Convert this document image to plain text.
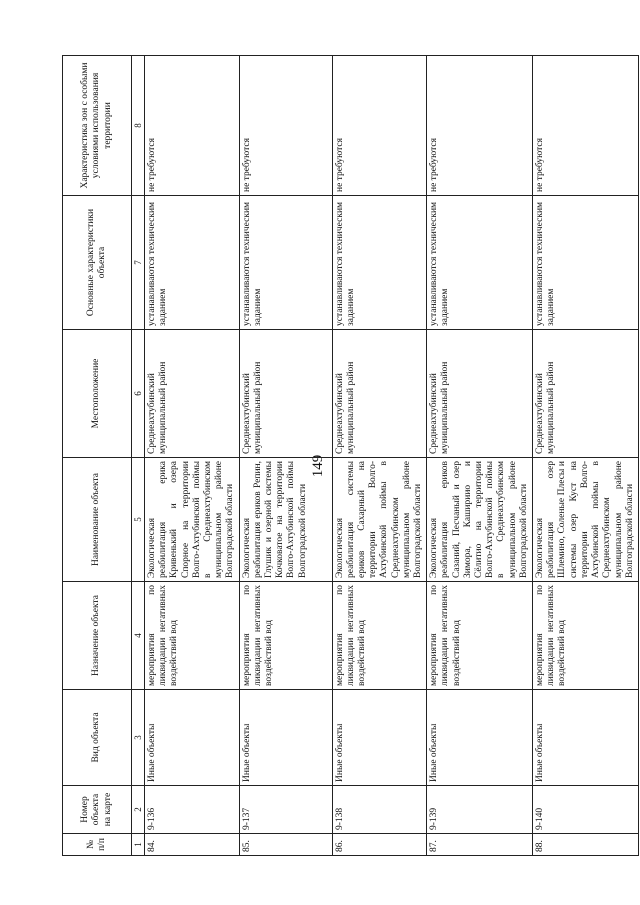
149
№ п/п	Номер объекта на карте	Вид объекта	Назначение объекта	Наименование объекта	Местоположение	Основные характеристики объекта	Характеристика зон с особыми условиями использования территории
1	2	3	4	5	6	7	8
84.	9-136	Иные объекты	мероприятия по ликвидации негативных воздействий вод	Экологическая реабилитация ерика Кривенький и озера Спорное на территории Волго-Ахтубинской поймы в Среднеахтубинском муниципальном районе Волгоградской области	Среднеахтубинский муниципальный район	устанавливаются техническим заданием	не требуются
85.	9-137	Иные объекты	мероприятия по ликвидации негативных воздействий вод	Экологическая реабилитация ериков Репин, Глушик и озерной системы Кочковатое на территории Волго-Ахтубинской поймы Волгоградской области	Среднеахтубинский муниципальный район	устанавливаются техническим заданием	не требуются
86.	9-138	Иные объекты	мероприятия по ликвидации негативных воздействий вод	Экологическая реабилитация системы ериков Сахарный на территории Волго-Ахтубинской поймы в Среднеахтубинском муниципальном районе Волгоградской области	Среднеахтубинский муниципальный район	устанавливаются техническим заданием	не требуются
87.	9-139	Иные объекты	мероприятия по ликвидации негативных воздействий вод	Экологическая реабилитация ериков Сазаний, Песчаный и озер Зимора, Кашириио и Сёлитио на территории Волго-Ахтубинской поймы в Среднеахтубинском муниципальном районе Волгоградской области	Среднеахтубинский муниципальный район	устанавливаются техническим заданием	не требуются
88.	9-140	Иные объекты	мероприятия по ликвидации негативных воздействий вод	Экологическая реабилитация озер Шлемино, Соленые Плесы и системы озер Куст на территории Волго-Ахтубинской поймы в Среднеахтубинском муниципальном районе Волгоградской области	Среднеахтубинский муниципальный район	устанавливаются техническим заданием	не требуются
